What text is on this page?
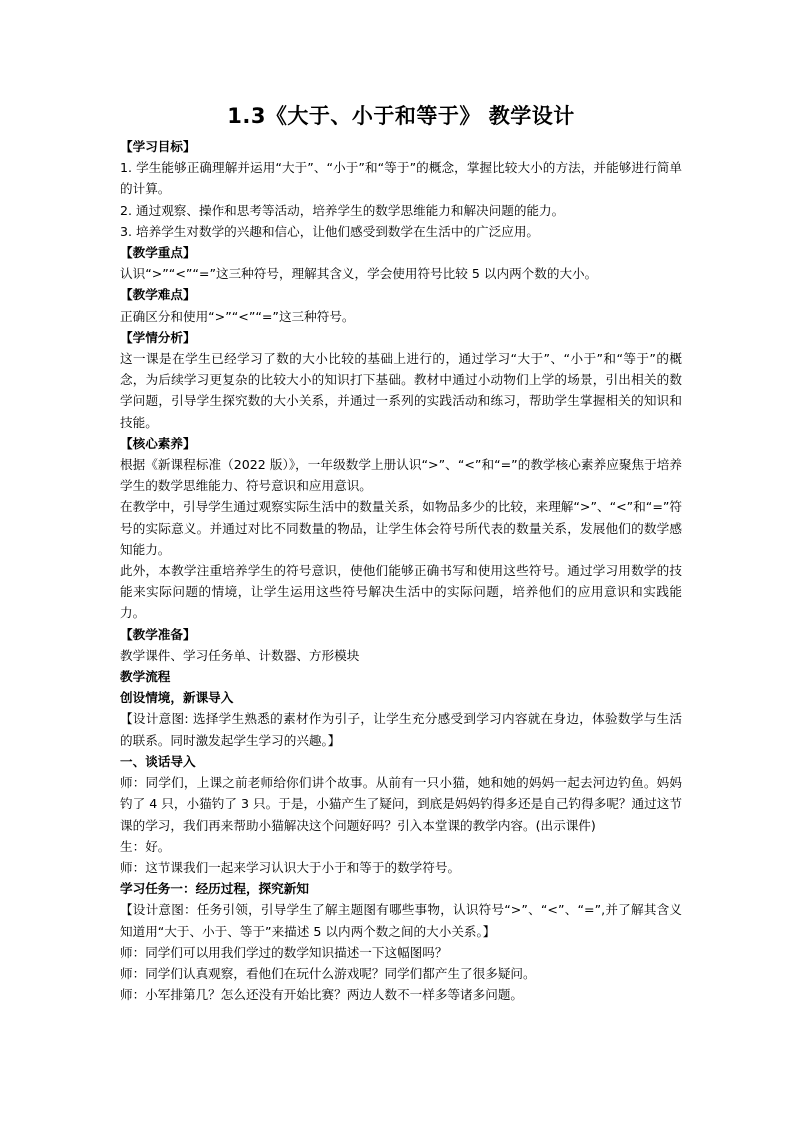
1.3《大于、小于和等于》 教学设计

【学习目标】

1. 学生能够正确理解并运用“大于”、“小于”和“等于”的概念，掌握比较大小的方法，并能够进行简单的计算。

2. 通过观察、操作和思考等活动，培养学生的数学思维能力和解决问题的能力。

3. 培养学生对数学的兴趣和信心，让他们感受到数学在生活中的广泛应用。

【教学重点】

认识“>”“<”“=”这三种符号，理解其含义，学会使用符号比较 5 以内两个数的大小。

【教学难点】

正确区分和使用“>”“<”“=”这三种符号。

【学情分析】

这一课是在学生已经学习了数的大小比较的基础上进行的，通过学习“大于”、“小于”和“等于”的概念，为后续学习更复杂的比较大小的知识打下基础。教材中通过小动物们上学的场景，引出相关的数学问题，引导学生探究数的大小关系，并通过一系列的实践活动和练习，帮助学生掌握相关的知识和技能。

【核心素养】

根据《新课程标准（2022 版）》，一年级数学上册认识“>”、“<”和“=”的教学核心素养应聚焦于培养学生的数学思维能力、符号意识和应用意识。

在教学中，引导学生通过观察实际生活中的数量关系，如物品多少的比较，来理解“>”、“<”和“=”符号的实际意义。并通过对比不同数量的物品，让学生体会符号所代表的数量关系，发展他们的数学感知能力。

此外，本教学注重培养学生的符号意识，使他们能够正确书写和使用这些符号。通过学习用数学的技能来实际问题的情境，让学生运用这些符号解决生活中的实际问题，培养他们的应用意识和实践能力。

【教学准备】

教学课件、学习任务单、计数器、方形模块

教学流程

创设情境，新课导入

【设计意图: 选择学生熟悉的素材作为引子，让学生充分感受到学习内容就在身边，体验数学与生活的联系。同时激发起学生学习的兴趣。】

一、谈话导入

师：同学们，上课之前老师给你们讲个故事。从前有一只小猫，她和她的妈妈一起去河边钓鱼。妈妈钓了 4 只，小猫钓了 3 只。于是，小猫产生了疑问，到底是妈妈钓得多还是自己钓得多呢？通过这节课的学习，我们再来帮助小猫解决这个问题好吗？引入本堂课的教学内容。(出示课件)

生：好。

师：这节课我们一起来学习认识大于小于和等于的数学符号。

学习任务一：经历过程，探究新知

【设计意图：任务引领，引导学生了解主题图有哪些事物，认识符号“>”、“<”、“=”,并了解其含义知道用“大于、小于、等于”来描述 5 以内两个数之间的大小关系。】

师：同学们可以用我们学过的数学知识描述一下这幅图吗？

师：同学们认真观察，看他们在玩什么游戏呢？同学们都产生了很多疑问。

师：小军排第几？怎么还没有开始比赛？两边人数不一样多等诸多问题。
